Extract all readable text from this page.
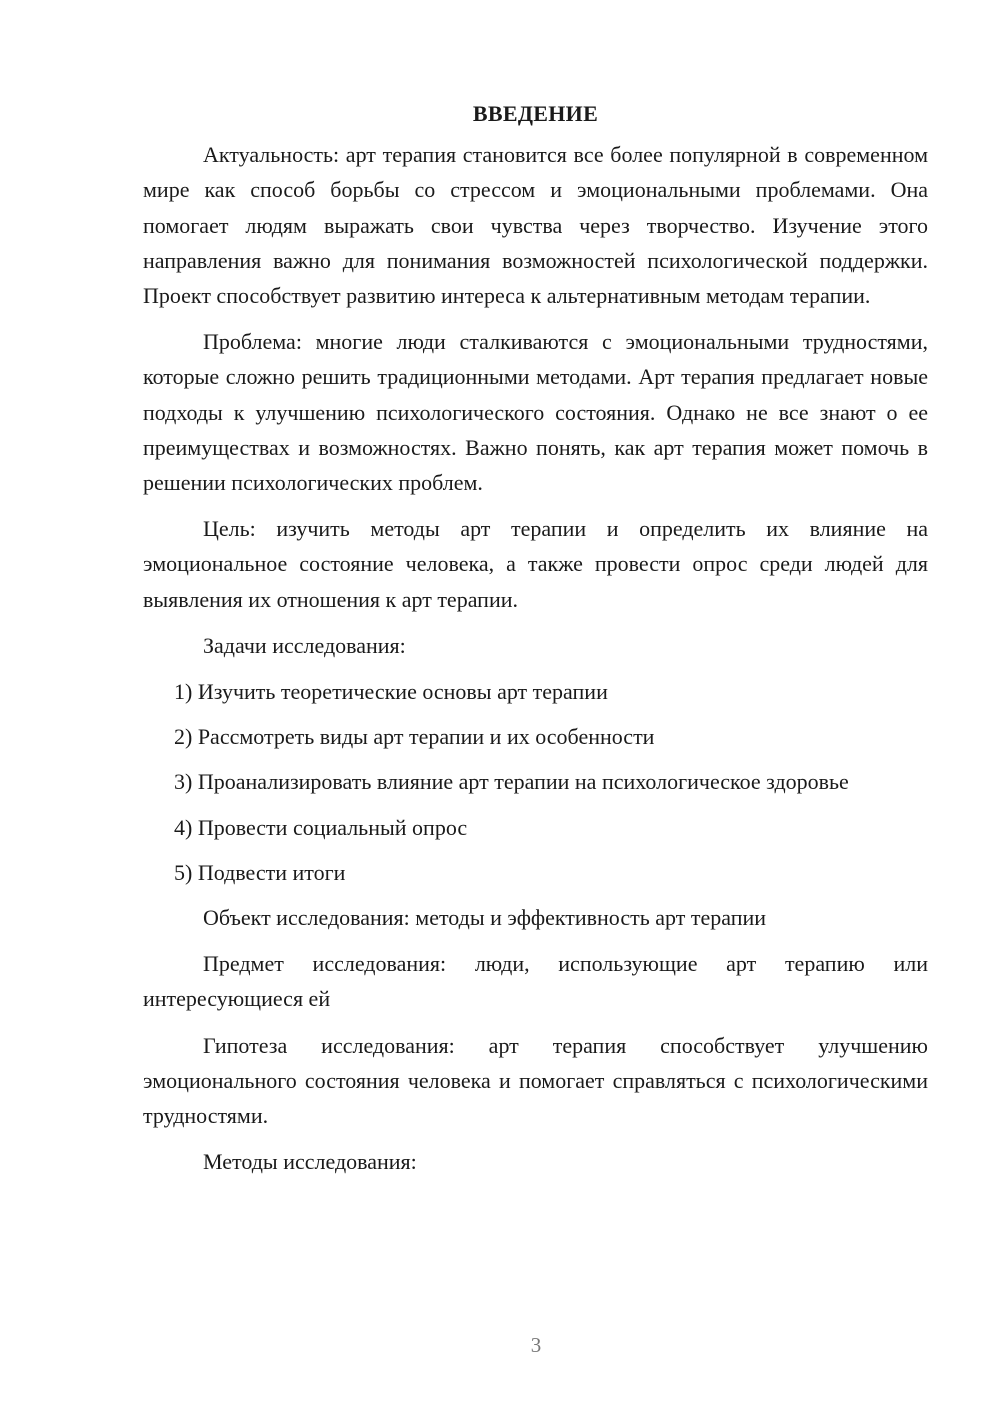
ВВЕДЕНИЕ

Актуальность: арт терапия становится все более популярной в современном мире как способ борьбы со стрессом и эмоциональными проблемами. Она помогает людям выражать свои чувства через творчество. Изучение этого направления важно для понимания возможностей психологической поддержки. Проект способствует развитию интереса к альтернативным методам терапии.

Проблема: многие люди сталкиваются с эмоциональными трудностями, которые сложно решить традиционными методами. Арт терапия предлагает новые подходы к улучшению психологического состояния. Однако не все знают о ее преимуществах и возможностях. Важно понять, как арт терапия может помочь в решении психологических проблем.

Цель: изучить методы арт терапии и определить их влияние на эмоциональное состояние человека, а также провести опрос среди людей для выявления их отношения к арт терапии.

Задачи исследования:

1) Изучить теоретические основы арт терапии

2) Рассмотреть виды арт терапии и их особенности

3) Проанализировать влияние арт терапии на психологическое здоровье

4) Провести социальный опрос

5) Подвести итоги

Объект исследования: методы и эффективность арт терапии

Предмет исследования: люди, использующие арт терапию или интересующиеся ей

Гипотеза исследования: арт терапия способствует улучшению эмоционального состояния человека и помогает справляться с психологическими трудностями.

Методы исследования:

3
